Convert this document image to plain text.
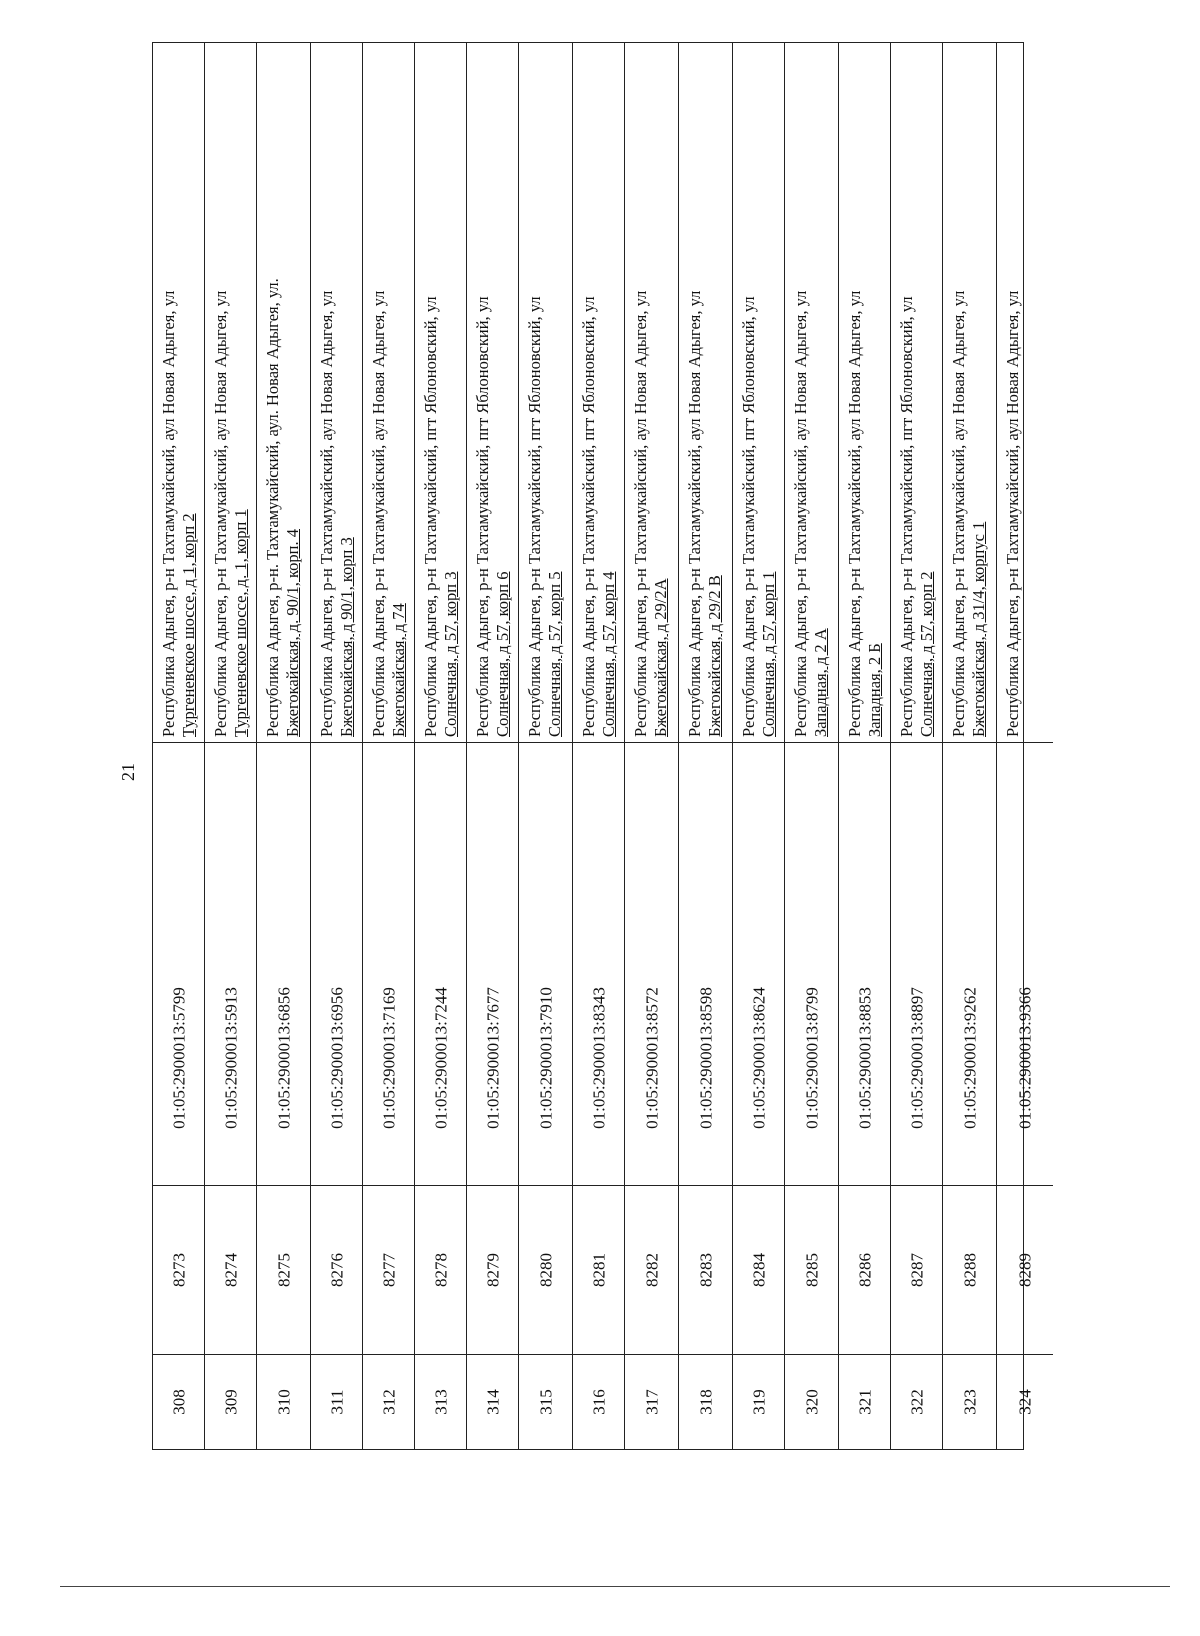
21
308
8273
01:05:2900013:5799
Республика Адыгея, р-н Тахтамукайский, аул Новая Адыгея, ул Тургеневское шоссе, д 1, корп 2
309
8274
01:05:2900013:5913
Республика Адыгея, р-н Тахтамукайский, аул Новая Адыгея, ул Тургеневское шоссе, д. 1, корп 1
310
8275
01:05:2900013:6856
Республика Адыгея, р-н. Тахтамукайский, аул. Новая Адыгея, ул. Бжегокайская, д. 90/1, корп. 4
311
8276
01:05:2900013:6956
Республика Адыгея, р-н Тахтамукайский, аул Новая Адыгея, ул Бжегокайская, д 90/1, корп 3
312
8277
01:05:2900013:7169
Республика Адыгея, р-н Тахтамукайский, аул Новая Адыгея, ул Бжегокайская, д 74
313
8278
01:05:2900013:7244
Республика Адыгея, р-н Тахтамукайский, пгт Яблоновский, ул Солнечная, д 57, корп 3
314
8279
01:05:2900013:7677
Республика Адыгея, р-н Тахтамукайский, пгт Яблоновский, ул Солнечная, д 57, корп 6
315
8280
01:05:2900013:7910
Республика Адыгея, р-н Тахтамукайский, пгт Яблоновский, ул Солнечная, д 57, корп 5
316
8281
01:05:2900013:8343
Республика Адыгея, р-н Тахтамукайский, пгт Яблоновский, ул Солнечная, д 57, корп 4
317
8282
01:05:2900013:8572
Республика Адыгея, р-н Тахтамукайский, аул Новая Адыгея, ул Бжегокайская, д 29/2А
318
8283
01:05:2900013:8598
Республика Адыгея, р-н Тахтамукайский, аул Новая Адыгея, ул Бжегокайская, д 29/2 В
319
8284
01:05:2900013:8624
Республика Адыгея, р-н Тахтамукайский, пгт Яблоновский, ул Солнечная, д 57, корп 1
320
8285
01:05:2900013:8799
Республика Адыгея, р-н Тахтамукайский, аул Новая Адыгея, ул Западная, д 2 А
321
8286
01:05:2900013:8853
Республика Адыгея, р-н Тахтамукайский, аул Новая Адыгея, ул Западная, 2 Б
322
8287
01:05:2900013:8897
Республика Адыгея, р-н Тахтамукайский, пгт Яблоновский, ул Солнечная, д 57, корп 2
323
8288
01:05:2900013:9262
Республика Адыгея, р-н Тахтамукайский, аул Новая Адыгея, ул Бжегокайская, д 31/4, корпус 1
324
8289
01:05:2900013:9366
Республика Адыгея, р-н Тахтамукайский, аул Новая Адыгея, ул
